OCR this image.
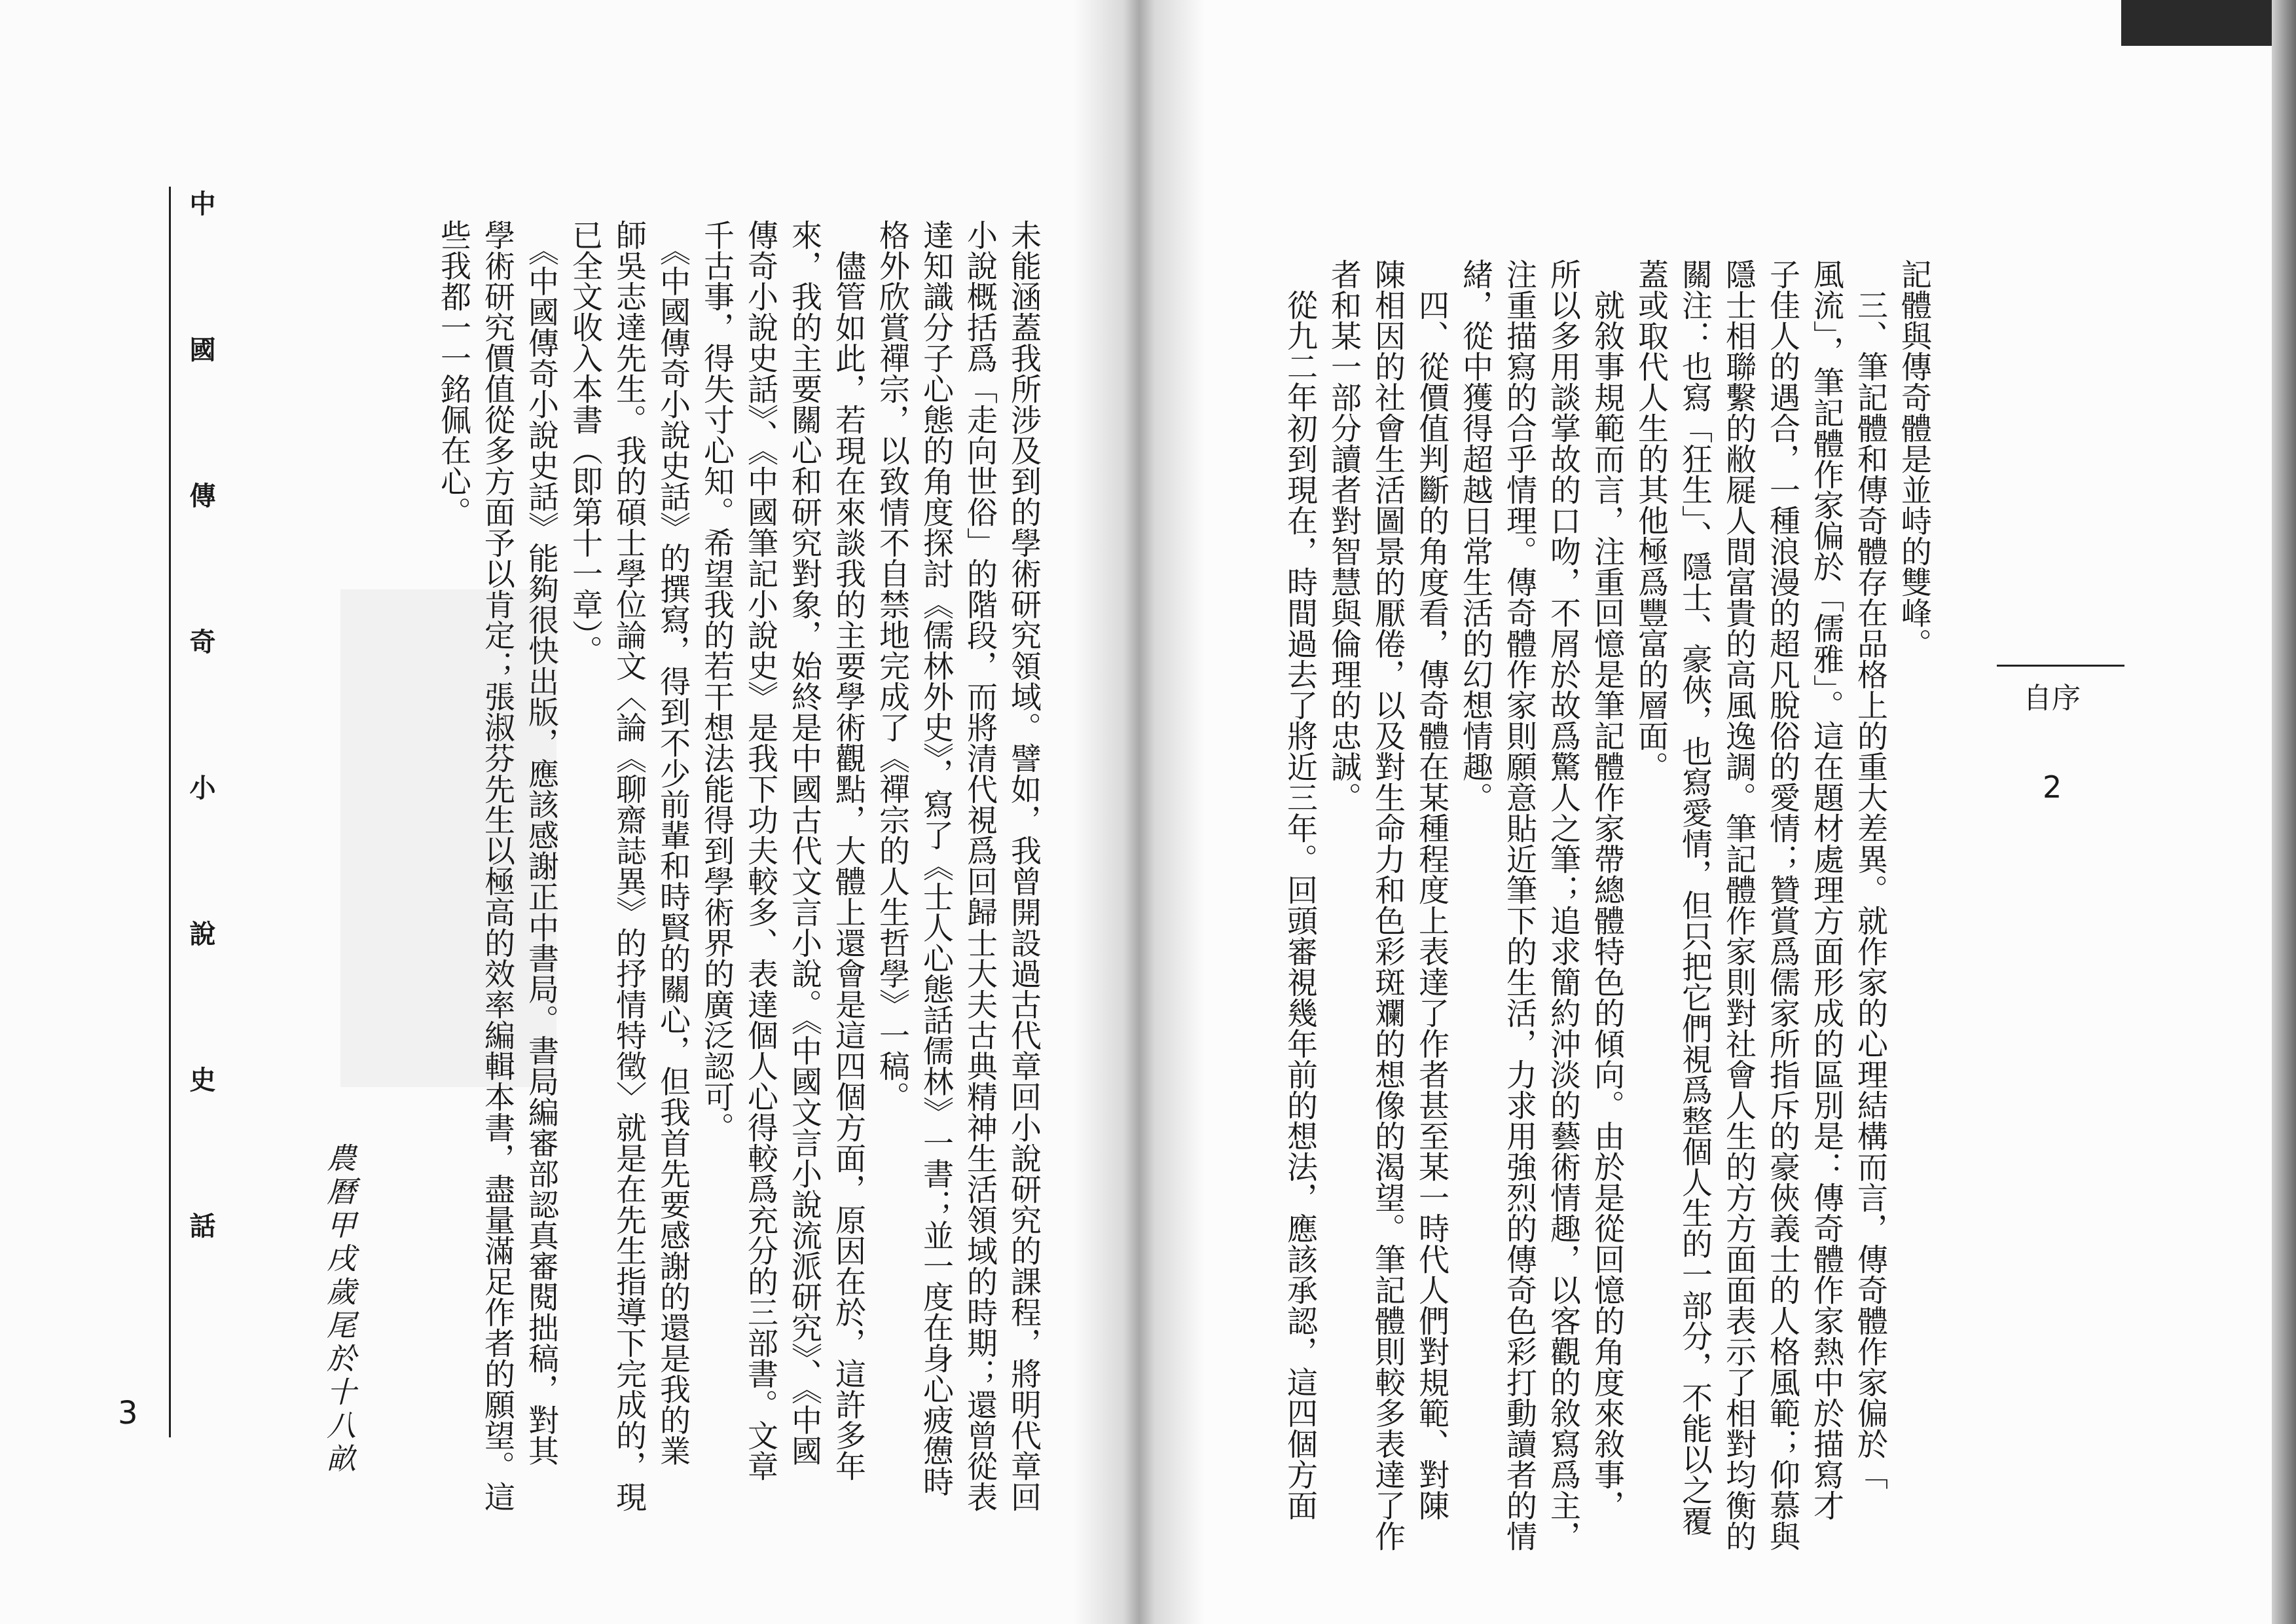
自序
2
記體與傳奇體是並峙的雙峰。
　三、筆記體和傳奇體存在品格上的重大差異。就作家的心理結構而言，傳奇體作家偏於「
風流」，筆記體作家偏於「儒雅」。這在題材處理方面形成的區別是：傳奇體作家熱中於描寫才
子佳人的遇合，一種浪漫的超凡脫俗的愛情；贊賞爲儒家所指斥的豪俠義士的人格風範；仰慕與
隱士相聯繫的敝屣人間富貴的高風逸調。筆記體作家則對社會人生的方方面面表示了相對均衡的
關注：也寫「狂生」、隱士、豪俠，也寫愛情，但只把它們視爲整個人生的一部分，不能以之覆
蓋或取代人生的其他極爲豐富的層面。
　就敘事規範而言，注重回憶是筆記體作家帶總體特色的傾向。由於是從回憶的角度來敘事，
所以多用談掌故的口吻，不屑於故爲驚人之筆；追求簡約沖淡的藝術情趣，以客觀的敘寫爲主，
注重描寫的合乎情理。傳奇體作家則願意貼近筆下的生活，力求用強烈的傳奇色彩打動讀者的情
緒，從中獲得超越日常生活的幻想情趣。
　四、從價值判斷的角度看，傳奇體在某種程度上表達了作者甚至某一時代人們對規範、對陳
陳相因的社會生活圖景的厭倦，以及對生命力和色彩斑斕的想像的渴望。筆記體則較多表達了作
者和某一部分讀者對智慧與倫理的忠誠。
　從九二年初到現在，時間過去了將近三年。回頭審視幾年前的想法，應該承認，這四個方面
未能涵蓋我所涉及到的學術研究領域。譬如，我曾開設過古代章回小說研究的課程，將明代章回
小說概括爲「走向世俗」的階段，而將清代視爲回歸士大夫古典精神生活領域的時期；還曾從表
達知識分子心態的角度探討《儒林外史》，寫了《士人心態話儒林》一書；並一度在身心疲憊時
格外欣賞禪宗，以致情不自禁地完成了《禪宗的人生哲學》一稿。
　儘管如此，若現在來談我的主要學術觀點，大體上還會是這四個方面，原因在於，這許多年
來，我的主要關心和研究對象，始終是中國古代文言小說。《中國文言小說流派研究》、《中國
傳奇小說史話》、《中國筆記小說史》是我下功夫較多、表達個人心得較爲充分的三部書。文章
千古事，得失寸心知。希望我的若干想法能得到學術界的廣泛認可。
　《中國傳奇小說史話》的撰寫，得到不少前輩和時賢的關心，但我首先要感謝的還是我的業
師吳志達先生。我的碩士學位論文〈論《聊齋誌異》的抒情特徵〉就是在先生指導下完成的，現
已全文收入本書（即第十一章）。
　《中國傳奇小說史話》能夠很快出版，應該感謝正中書局。書局編審部認真審閱拙稿，對其
學術研究價值從多方面予以肯定；張淑芬先生以極高的效率編輯本書，盡量滿足作者的願望。這
些我都一一銘佩在心。
農曆甲戌歲尾於十八畝
中國傳奇小說史話
3
